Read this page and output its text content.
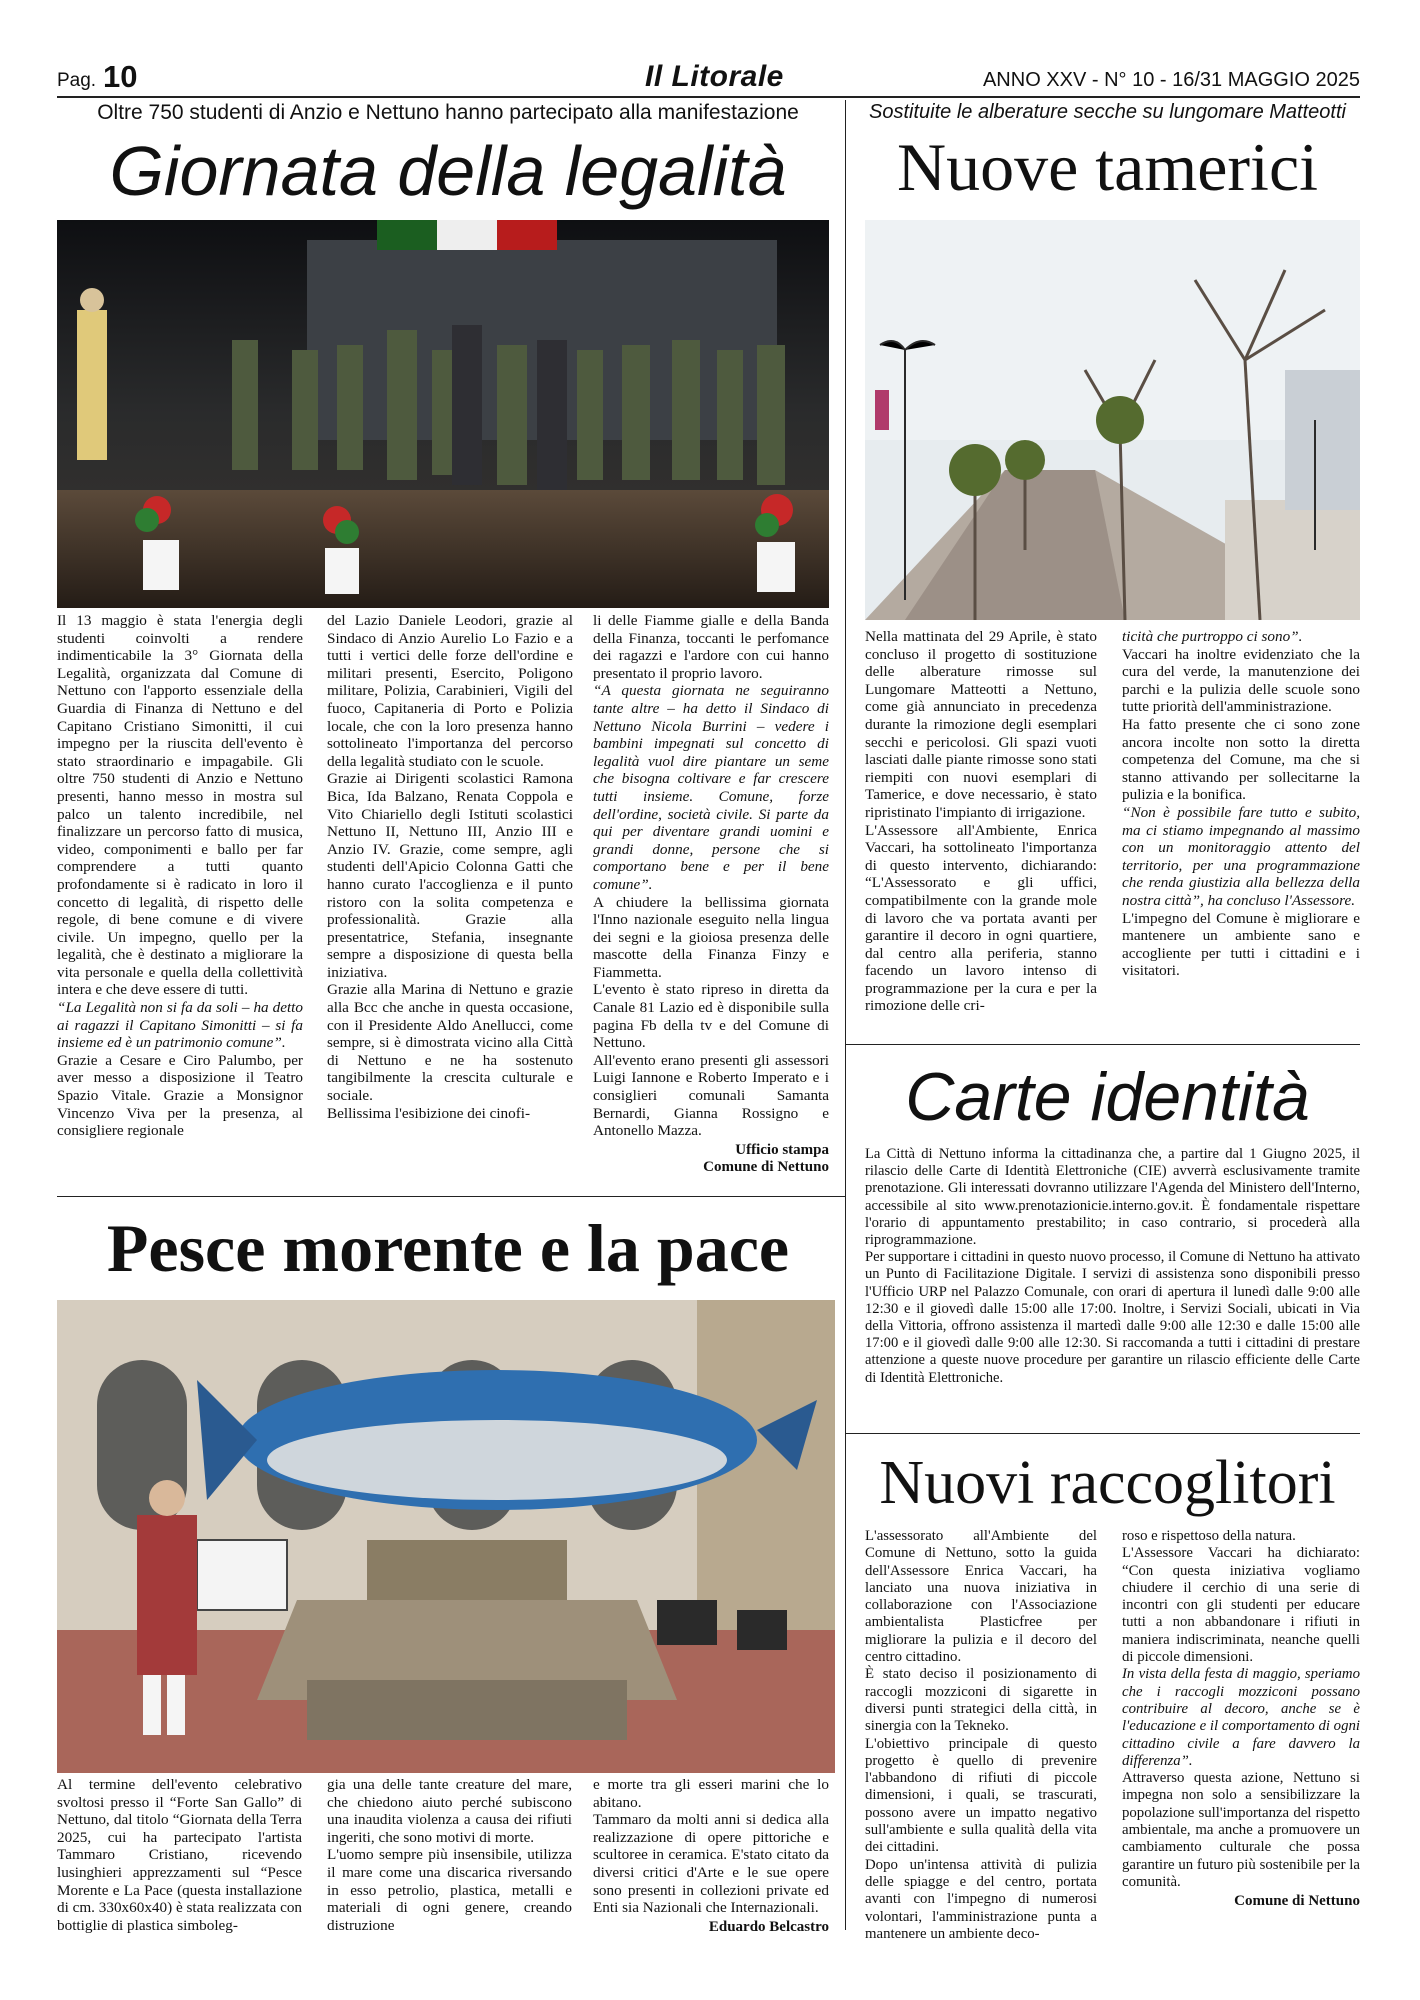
Pag. 10	Il Litorale	ANNO XXV - N° 10 - 16/31 MAGGIO 2025
Oltre 750 studenti di Anzio e Nettuno hanno partecipato alla manifestazione
Giornata della legalità

Il 13 maggio è stata l'energia degli studenti coinvolti a rendere indimenticabile la 3° Giornata della Legalità, organizzata dal Comune di Nettuno con l'apporto essenziale della Guardia di Finanza di Nettuno e del Capitano Cristiano Simonitti, il cui impegno per la riuscita dell'evento è stato straordinario e impagabile. Gli oltre 750 studenti di Anzio e Nettuno presenti, hanno messo in mostra sul palco un talento incredibile, nel finalizzare un percorso fatto di musica, video, componimenti e ballo per far comprendere a tutti quanto profondamente si è radicato in loro il concetto di legalità, di rispetto delle regole, di bene comune e di vivere civile. Un impegno, quello per la legalità, che è destinato a migliorare la vita personale e quella della collettività intera e che deve essere di tutti.

“La Legalità non si fa da soli – ha detto ai ragazzi il Capitano Simonitti – si fa insieme ed è un patrimonio comune”.

Grazie a Cesare e Ciro Palumbo, per aver messo a disposizione il Teatro Spazio Vitale. Grazie a Monsignor Vincenzo Viva per la presenza, al consigliere regionale

del Lazio Daniele Leodori, grazie al Sindaco di Anzio Aurelio Lo Fazio e a tutti i vertici delle forze dell'ordine e militari presenti, Esercito, Poligono militare, Polizia, Carabinieri, Vigili del fuoco, Capitaneria di Porto e Polizia locale, che con la loro presenza hanno sottolineato l'importanza del percorso della legalità studiato con le scuole.

Grazie ai Dirigenti scolastici Ramona Bica, Ida Balzano, Renata Coppola e Vito Chiariello degli Istituti scolastici Nettuno II, Nettuno III, Anzio III e Anzio IV. Grazie, come sempre, agli studenti dell'Apicio Colonna Gatti che hanno curato l'accoglienza e il punto ristoro con la solita competenza e professionalità. Grazie alla presentatrice, Stefania, insegnante sempre a disposizione di questa bella iniziativa.

Grazie alla Marina di Nettuno e grazie alla Bcc che anche in questa occasione, con il Presidente Aldo Anellucci, come sempre, si è dimostrata vicino alla Città di Nettuno e ne ha sostenuto tangibilmente la crescita culturale e sociale.

Bellissima l'esibizione dei cinofi-

li delle Fiamme gialle e della Banda della Finanza, toccanti le perfomance dei ragazzi e l'ardore con cui hanno presentato il proprio lavoro.

“A questa giornata ne seguiranno tante altre – ha detto il Sindaco di Nettuno Nicola Burrini – vedere i bambini impegnati sul concetto di legalità vuol dire piantare un seme che bisogna coltivare e far crescere tutti insieme. Comune, forze dell'ordine, società civile. Si parte da qui per diventare grandi uomini e grandi donne, persone che si comportano bene e per il bene comune”.

A chiudere la bellissima giornata l'Inno nazionale eseguito nella lingua dei segni e la gioiosa presenza delle mascotte della Finanza Finzy e Fiammetta.

L'evento è stato ripreso in diretta da Canale 81 Lazio ed è disponibile sulla pagina Fb della tv e del Comune di Nettuno.

All'evento erano presenti gli assessori Luigi Iannone e Roberto Imperato e i consiglieri comunali Samanta Bernardi, Gianna Rossigno e Antonello Mazza.

Ufficio stampa
Comune di Nettuno
Sostituite le alberature secche su lungomare Matteotti
Nuove tamerici

Nella mattinata del 29 Aprile, è stato concluso il progetto di sostituzione delle alberature rimosse sul Lungomare Matteotti a Nettuno, come già annunciato in precedenza durante la rimozione degli esemplari secchi e pericolosi. Gli spazi vuoti lasciati dalle piante rimosse sono stati riempiti con nuovi esemplari di Tamerice, e dove necessario, è stato ripristinato l'impianto di irrigazione.

L'Assessore all'Ambiente, Enrica Vaccari, ha sottolineato l'importanza di questo intervento, dichiarando: “L'Assessorato e gli uffici, compatibilmente con la grande mole di lavoro che va portata avanti per garantire il decoro in ogni quartiere, dal centro alla periferia, stanno facendo un lavoro intenso di programmazione per la cura e per la rimozione delle cri-

ticità che purtroppo ci sono”.

Vaccari ha inoltre evidenziato che la cura del verde, la manutenzione dei parchi e la pulizia delle scuole sono tutte priorità dell'amministrazione.

Ha fatto presente che ci sono zone ancora incolte non sotto la diretta competenza del Comune, ma che si stanno attivando per sollecitarne la pulizia e la bonifica.

“Non è possibile fare tutto e subito, ma ci stiamo impegnando al massimo con un monitoraggio attento del territorio, per una programmazione che renda giustizia alla bellezza della nostra città”, ha concluso l'Assessore.

L'impegno del Comune è migliorare e mantenere un ambiente sano e accogliente per tutti i cittadini e i visitatori.

Carte identità

La Città di Nettuno informa la cittadinanza che, a partire dal 1 Giugno 2025, il rilascio delle Carte di Identità Elettroniche (CIE) avverrà esclusivamente tramite prenotazione. Gli interessati dovranno utilizzare l'Agenda del Ministero dell'Interno, accessibile al sito www.prenotazionicie.interno.gov.it. È fondamentale rispettare l'orario di appuntamento prestabilito; in caso contrario, si procederà alla riprogrammazione.

Per supportare i cittadini in questo nuovo processo, il Comune di Nettuno ha attivato un Punto di Facilitazione Digitale. I servizi di assistenza sono disponibili presso l'Ufficio URP nel Palazzo Comunale, con orari di apertura il lunedì dalle 9:00 alle 12:30 e il giovedì dalle 15:00 alle 17:00. Inoltre, i Servizi Sociali, ubicati in Via della Vittoria, offrono assistenza il martedì dalle 9:00 alle 12:30 e dalle 15:00 alle 17:00 e il giovedì dalle 9:00 alle 12:30. Si raccomanda a tutti i cittadini di prestare attenzione a queste nuove procedure per garantire un rilascio efficiente delle Carte di Identità Elettroniche.

Pesce morente e la pace

Al termine dell'evento celebrativo svoltosi presso il “Forte San Gallo” di Nettuno, dal titolo “Giornata della Terra 2025, cui ha partecipato l'artista Tammaro Cristiano, ricevendo lusinghieri apprezzamenti sul “Pesce Morente e La Pace (questa installazione di cm. 330x60x40) è stata realizzata con bottiglie di plastica simboleg-

gia una delle tante creature del mare, che chiedono aiuto perché subiscono una inaudita violenza a causa dei rifiuti ingeriti, che sono motivi di morte.

L'uomo sempre più insensibile, utilizza il mare come una discarica riversando in esso petrolio, plastica, metalli e materiali di ogni genere, creando distruzione

e morte tra gli esseri marini che lo abitano.

Tammaro da molti anni si dedica alla realizzazione di opere pittoriche e scultoree in ceramica. E'stato citato da diversi critici d'Arte e le sue opere sono presenti in collezioni private ed Enti sia Nazionali che Internazionali.

Eduardo Belcastro
Nuovi raccoglitori

L'assessorato all'Ambiente del Comune di Nettuno, sotto la guida dell'Assessore Enrica Vaccari, ha lanciato una nuova iniziativa in collaborazione con l'Associazione ambientalista Plasticfree per migliorare la pulizia e il decoro del centro cittadino.

È stato deciso il posizionamento di raccogli mozziconi di sigarette in diversi punti strategici della città, in sinergia con la Tekneko.

L'obiettivo principale di questo progetto è quello di prevenire l'abbandono di rifiuti di piccole dimensioni, i quali, se trascurati, possono avere un impatto negativo sull'ambiente e sulla qualità della vita dei cittadini.

Dopo un'intensa attività di pulizia delle spiagge e del centro, portata avanti con l'impegno di numerosi volontari, l'amministrazione punta a mantenere un ambiente deco-

roso e rispettoso della natura.

L'Assessore Vaccari ha dichiarato: “Con questa iniziativa vogliamo chiudere il cerchio di una serie di incontri con gli studenti per educare tutti a non abbandonare i rifiuti in maniera indiscriminata, neanche quelli di piccole dimensioni.

In vista della festa di maggio, speriamo che i raccogli mozziconi possano contribuire al decoro, anche se è l'educazione e il comportamento di ogni cittadino civile a fare davvero la differenza”.

Attraverso questa azione, Nettuno si impegna non solo a sensibilizzare la popolazione sull'importanza del rispetto ambientale, ma anche a promuovere un cambiamento culturale che possa garantire un futuro più sostenibile per la comunità.

Comune di Nettuno
